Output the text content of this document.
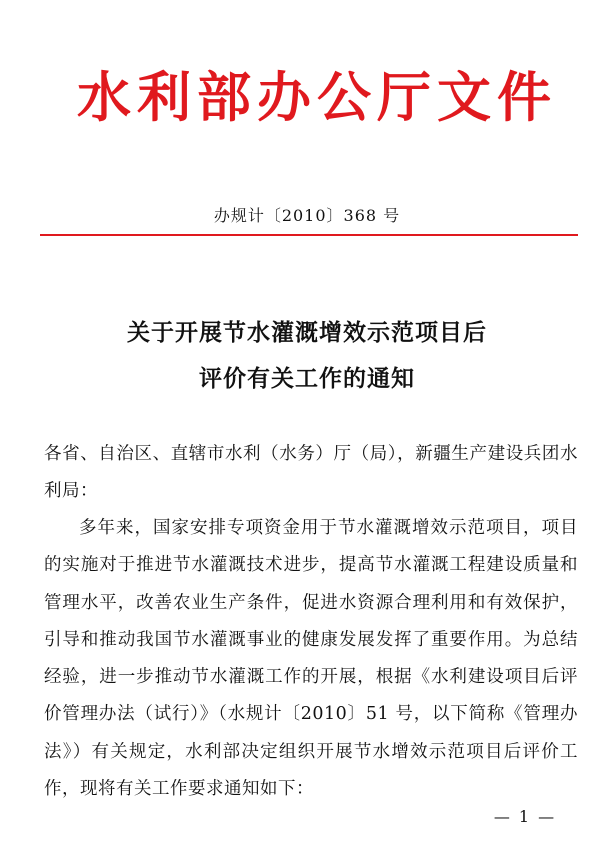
水利部办公厅文件
办规计〔2010〕368 号
关于开展节水灌溉增效示范项目后
评价有关工作的通知
各省、自治区、直辖市水利（水务）厅（局），新疆生产建设兵团水利局：
多年来，国家安排专项资金用于节水灌溉增效示范项目，项目的实施对于推进节水灌溉技术进步，提高节水灌溉工程建设质量和管理水平，改善农业生产条件，促进水资源合理利用和有效保护，引导和推动我国节水灌溉事业的健康发展发挥了重要作用。为总结经验，进一步推动节水灌溉工作的开展，根据《水利建设项目后评价管理办法（试行）》（水规计〔2010〕51 号，以下简称《管理办法》）有关规定，水利部决定组织开展节水增效示范项目后评价工作，现将有关工作要求通知如下：
— 1 —
